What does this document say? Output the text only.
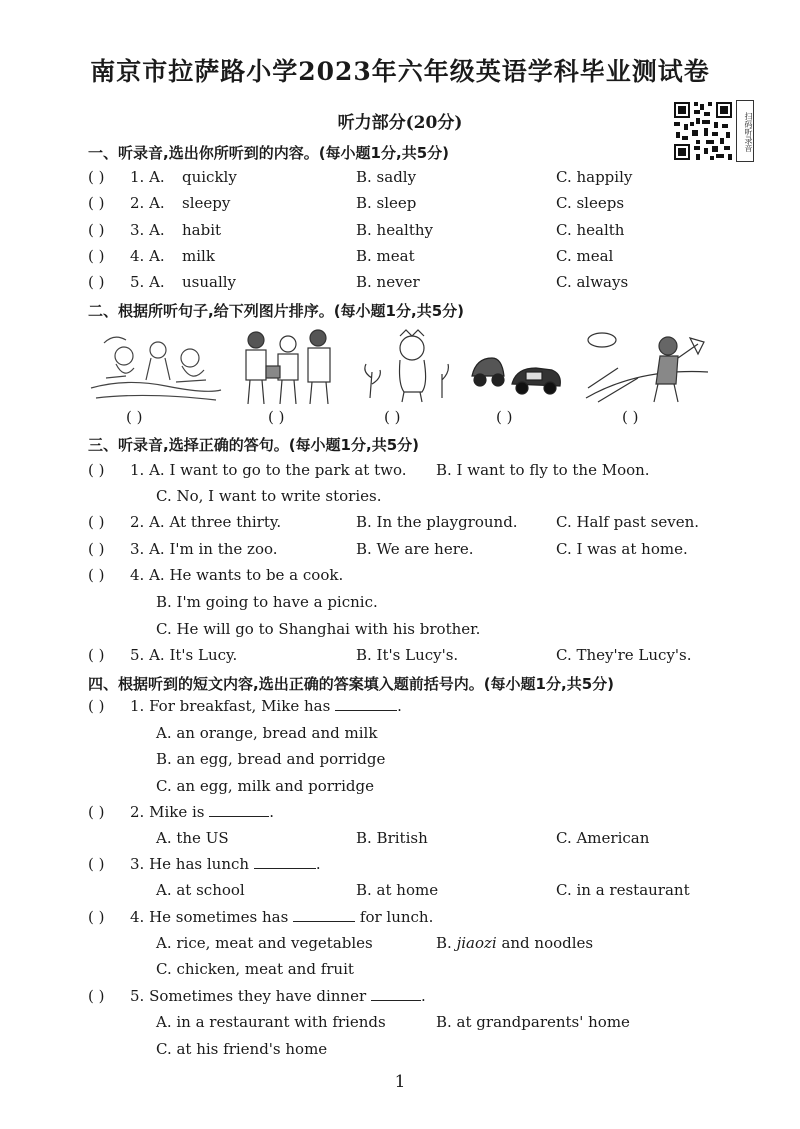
南京市拉萨路小学2023年六年级英语学科毕业测试卷
听力部分(20分)	扫码听录音
一、听录音,选出你所听到的内容。(每小题1分,共5分)
( ) 1. A. quickly	B. sadly	C. happily
( ) 2. A. sleepy	B. sleep	C. sleeps
( ) 3. A. habit	B. healthy	C. health
( ) 4. A. milk	B. meat	C. meal
( ) 5. A. usually	B. never	C. always
二、根据所听句子,给下列图片排序。(每小题1分,共5分)
( )	( )	( )	( )	( )
三、听录音,选择正确的答句。(每小题1分,共5分)
( ) 1. A. I want to go to the park at two. B. I want to fly to the Moon.
C. No, I want to write stories.
( ) 2. A. At three thirty.	B. In the playground.	C. Half past seven.
( ) 3. A. I'm in the zoo.	B. We are here.	C. I was at home.
( ) 4. A. He wants to be a cook.
B. I'm going to have a picnic.
C. He will go to Shanghai with his brother.
( ) 5. A. It's Lucy.	B. It's Lucy's.	C. They're Lucy's.
四、根据听到的短文内容,选出正确的答案填入题前括号内。(每小题1分,共5分)
( ) 1. For breakfast, Mike has	.
A. an orange, bread and milk
B. an egg, bread and porridge
C. an egg, milk and porridge
( ) 2. Mike is	.
A. the US	B. British	C. American
( ) 3. He has lunch	.
A. at school	B. at home	C. in a restaurant
( ) 4. He sometimes has	for lunch.
A. rice, meat and vegetables	B. jiaozi and noodles
C. chicken, meat and fruit
( ) 5. Sometimes they have dinner	.
A. in a restaurant with friends	B. at grandparents' home
C. at his friend's home
1
